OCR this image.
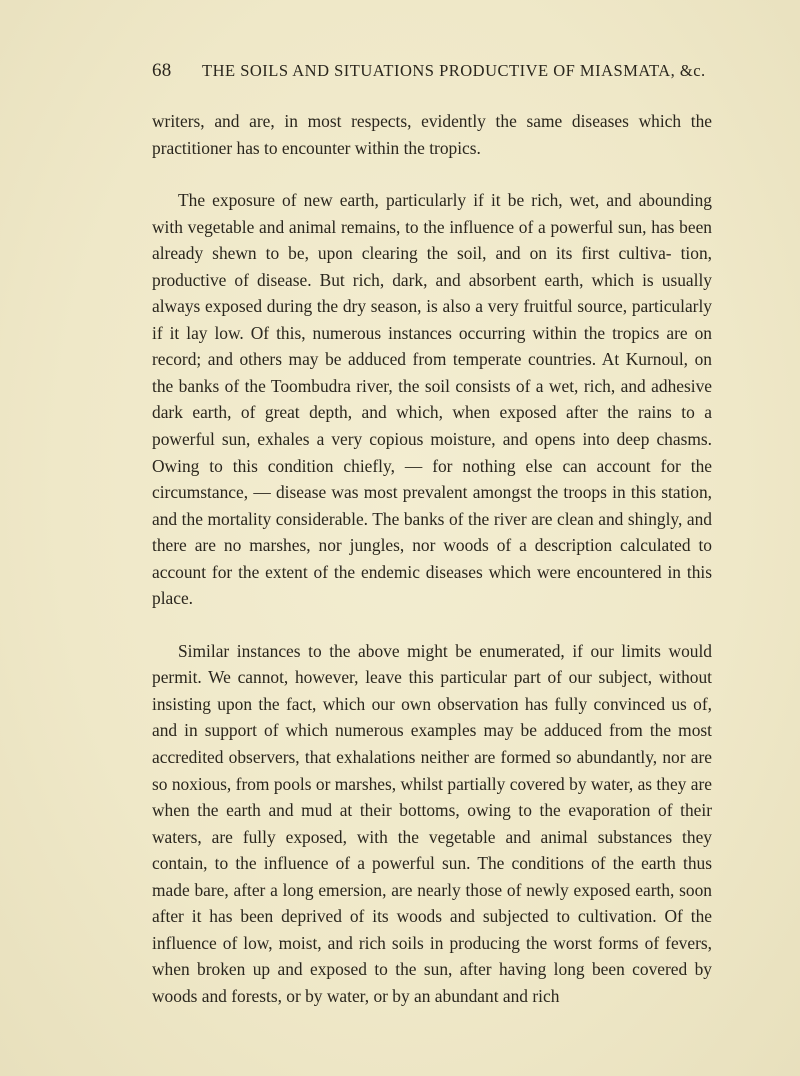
68 THE SOILS AND SITUATIONS PRODUCTIVE OF MIASMATA, &c.

writers, and are, in most respects, evidently the same diseases which the practitioner has to encounter within the tropics.

The exposure of new earth, particularly if it be rich, wet, and abounding with vegetable and animal remains, to the influence of a powerful sun, has been already shewn to be, upon clearing the soil, and on its first cultiva- tion, productive of disease. But rich, dark, and absorbent earth, which is usually always exposed during the dry season, is also a very fruitful source, particularly if it lay low. Of this, numerous instances occurring within the tropics are on record; and others may be adduced from temperate countries. At Kurnoul, on the banks of the Toombudra river, the soil consists of a wet, rich, and adhesive dark earth, of great depth, and which, when exposed after the rains to a powerful sun, exhales a very copious moisture, and opens into deep chasms. Owing to this condition chiefly, — for nothing else can account for the circumstance, — disease was most prevalent amongst the troops in this station, and the mortality considerable. The banks of the river are clean and shingly, and there are no marshes, nor jungles, nor woods of a description calculated to account for the extent of the endemic diseases which were encountered in this place.

Similar instances to the above might be enumerated, if our limits would permit. We cannot, however, leave this particular part of our subject, without insisting upon the fact, which our own observation has fully convinced us of, and in support of which numerous examples may be adduced from the most accredited observers, that exhalations neither are formed so abundantly, nor are so noxious, from pools or marshes, whilst partially covered by water, as they are when the earth and mud at their bottoms, owing to the evaporation of their waters, are fully exposed, with the vegetable and animal substances they contain, to the influence of a powerful sun. The conditions of the earth thus made bare, after a long emersion, are nearly those of newly exposed earth, soon after it has been deprived of its woods and subjected to cultivation. Of the influence of low, moist, and rich soils in producing the worst forms of fevers, when broken up and exposed to the sun, after having long been covered by woods and forests, or by water, or by an abundant and rich
